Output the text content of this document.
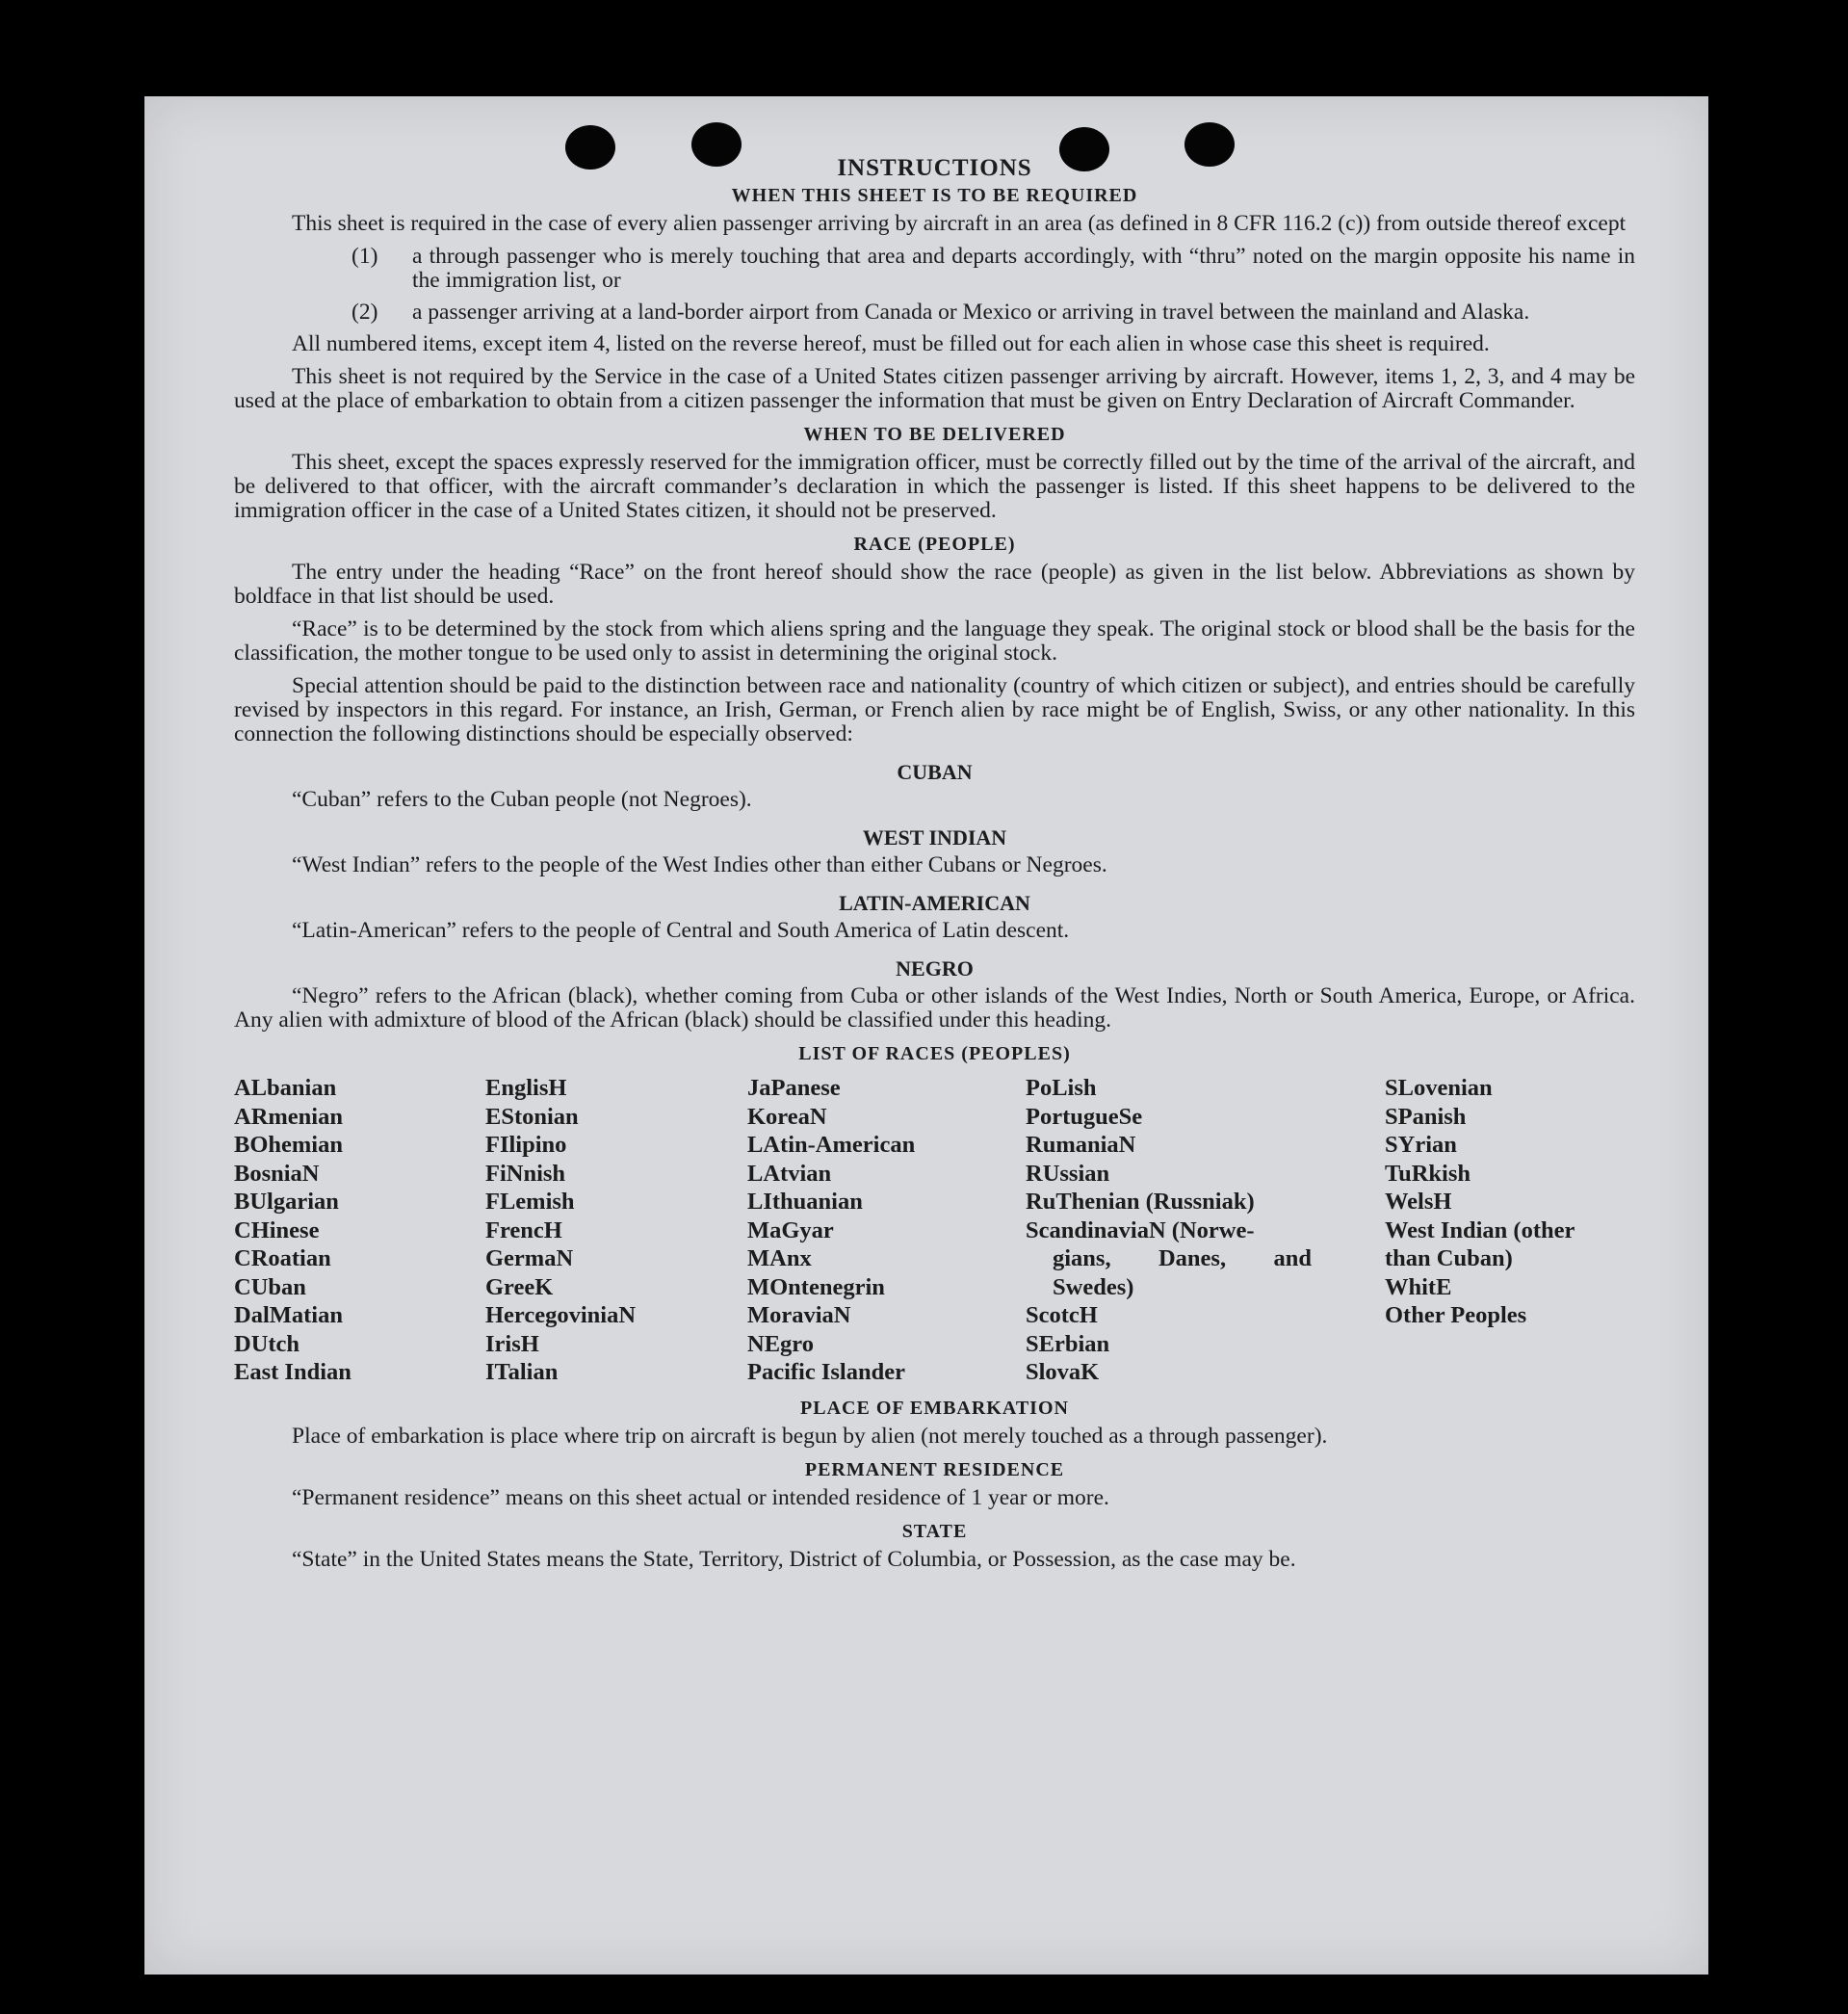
INSTRUCTIONS
WHEN THIS SHEET IS TO BE REQUIRED

This sheet is required in the case of every alien passenger arriving by aircraft in an area (as defined in 8 CFR 116.2 (c)) from outside thereof except

(1)	a through passenger who is merely touching that area and departs accordingly, with “thru” noted on the margin opposite his name in the immigration list, or
(2)	a passenger arriving at a land-border airport from Canada or Mexico or arriving in travel between the mainland and Alaska.

All numbered items, except item 4, listed on the reverse hereof, must be filled out for each alien in whose case this sheet is required.

This sheet is not required by the Service in the case of a United States citizen passenger arriving by aircraft. However, items 1, 2, 3, and 4 may be used at the place of embarkation to obtain from a citizen passenger the information that must be given on Entry Declaration of Aircraft Commander.

WHEN TO BE DELIVERED

This sheet, except the spaces expressly reserved for the immigration officer, must be correctly filled out by the time of the arrival of the aircraft, and be delivered to that officer, with the aircraft commander’s declaration in which the passenger is listed. If this sheet happens to be delivered to the immigration officer in the case of a United States citizen, it should not be preserved.

RACE (PEOPLE)

The entry under the heading “Race” on the front hereof should show the race (people) as given in the list below. Abbreviations as shown by boldface in that list should be used.

“Race” is to be determined by the stock from which aliens spring and the language they speak. The original stock or blood shall be the basis for the classification, the mother tongue to be used only to assist in determining the original stock.

Special attention should be paid to the distinction between race and nationality (country of which citizen or subject), and entries should be carefully revised by inspectors in this regard. For instance, an Irish, German, or French alien by race might be of English, Swiss, or any other nationality. In this connection the following distinctions should be especially observed:

CUBAN

“Cuban” refers to the Cuban people (not Negroes).

WEST INDIAN

“West Indian” refers to the people of the West Indies other than either Cubans or Negroes.

LATIN-AMERICAN

“Latin-American” refers to the people of Central and South America of Latin descent.

NEGRO

“Negro” refers to the African (black), whether coming from Cuba or other islands of the West Indies, North or South America, Europe, or Africa. Any alien with admixture of blood of the African (black) should be classified under this heading.

LIST OF RACES (PEOPLES)
ALbanian
ARmenian
BOhemian
BosniaN
BUlgarian
CHinese
CRoatian
CUban
DalMatian
DUtch
East Indian
EnglisH
EStonian
FIlipino
FiNnish
FLemish
FrencH
GermaN
GreeK
HercegoviniaN
IrisH
ITalian
JaPanese
KoreaN
LAtin-American
LAtvian
LIthuanian
MaGyar
MAnx
MOntenegrin
MoraviaN
NEgro
Pacific Islander
PoLish
PortugueSe
RumaniaN
RUssian
RuThenian (Russniak)
ScandinaviaN (Norwe-
gians, Danes, and Swedes)
ScotcH
SErbian
SlovaK
SLovenian
SPanish
SYrian
TuRkish
WelsH
West Indian (other
than Cuban)
WhitE
Other Peoples
PLACE OF EMBARKATION

Place of embarkation is place where trip on aircraft is begun by alien (not merely touched as a through passenger).

PERMANENT RESIDENCE

“Permanent residence” means on this sheet actual or intended residence of 1 year or more.

STATE

“State” in the United States means the State, Territory, District of Columbia, or Possession, as the case may be.
